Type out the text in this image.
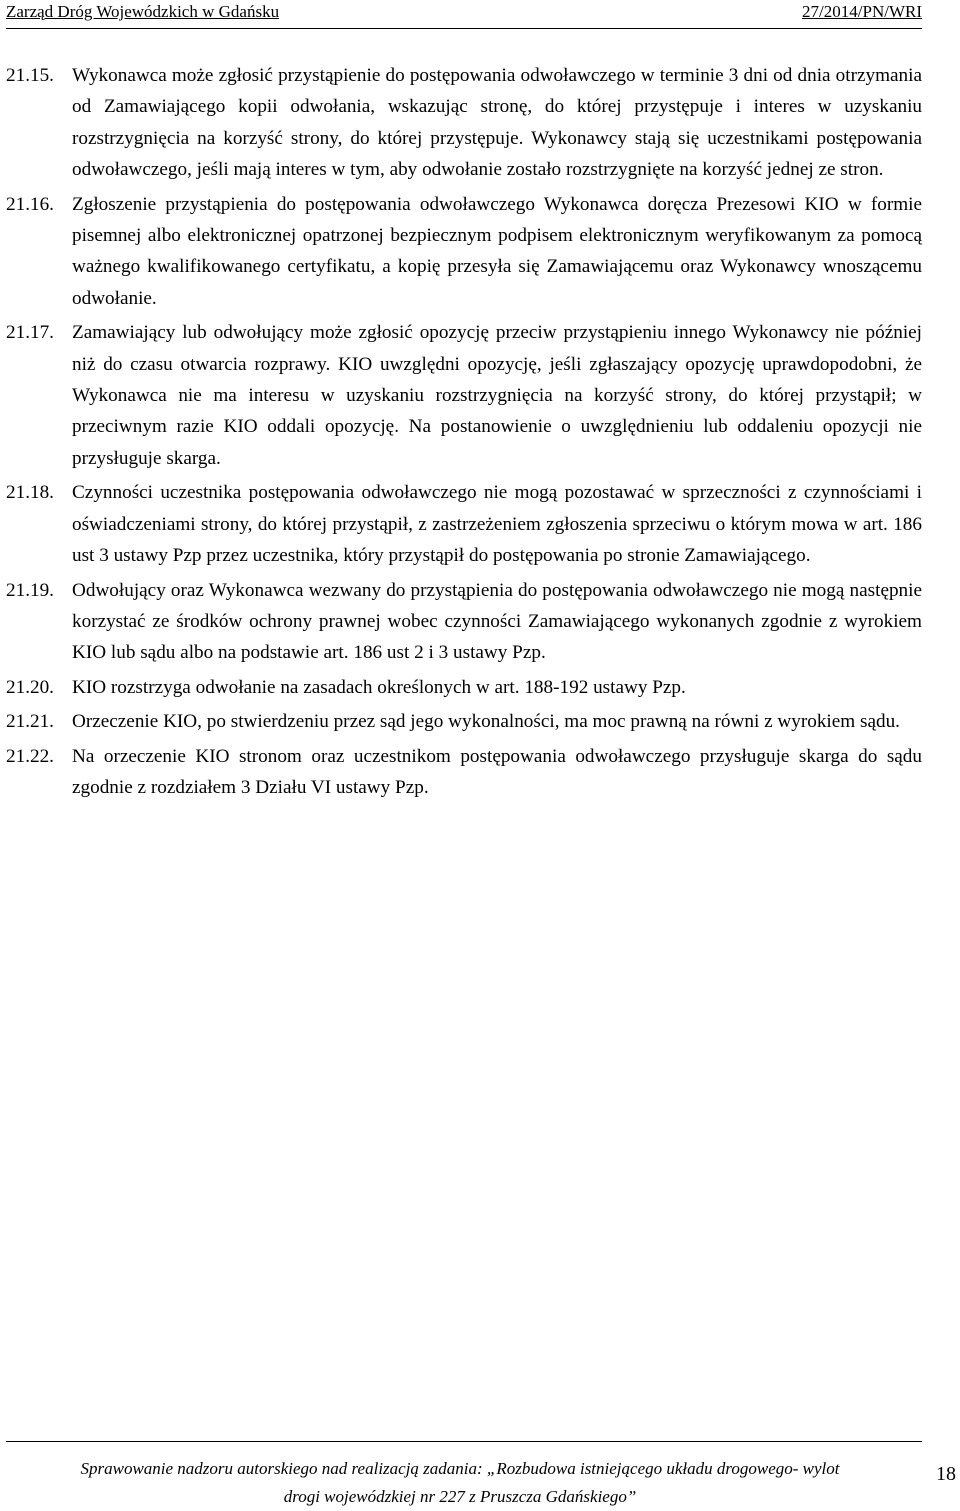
Zarząd Dróg Wojewódzkich w Gdańsku	27/2014/PN/WRI
21.15. Wykonawca może zgłosić przystąpienie do postępowania odwoławczego w terminie 3 dni od dnia otrzymania od Zamawiającego kopii odwołania, wskazując stronę, do której przystępuje i interes w uzyskaniu rozstrzygnięcia na korzyść strony, do której przystępuje. Wykonawcy stają się uczestnikami postępowania odwoławczego, jeśli mają interes w tym, aby odwołanie zostało rozstrzygnięte na korzyść jednej ze stron.
21.16. Zgłoszenie przystąpienia do postępowania odwoławczego Wykonawca doręcza Prezesowi KIO w formie pisemnej albo elektronicznej opatrzonej bezpiecznym podpisem elektronicznym weryfikowanym za pomocą ważnego kwalifikowanego certyfikatu, a kopię przesyła się Zamawiającemu oraz Wykonawcy wnoszącemu odwołanie.
21.17. Zamawiający lub odwołujący może zgłosić opozycję przeciw przystąpieniu innego Wykonawcy nie później niż do czasu otwarcia rozprawy. KIO uwzględni opozycję, jeśli zgłaszający opozycję uprawdopodobni, że Wykonawca nie ma interesu w uzyskaniu rozstrzygnięcia na korzyść strony, do której przystąpił; w przeciwnym razie KIO oddali opozycję. Na postanowienie o uwzględnieniu lub oddaleniu opozycji nie przysługuje skarga.
21.18. Czynności uczestnika postępowania odwoławczego nie mogą pozostawać w sprzeczności z czynnościami i oświadczeniami strony, do której przystąpił, z zastrzeżeniem zgłoszenia sprzeciwu o którym mowa w art. 186 ust 3 ustawy Pzp przez uczestnika, który przystąpił do postępowania po stronie Zamawiającego.
21.19. Odwołujący oraz Wykonawca wezwany do przystąpienia do postępowania odwoławczego nie mogą następnie korzystać ze środków ochrony prawnej wobec czynności Zamawiającego wykonanych zgodnie z wyrokiem KIO lub sądu albo na podstawie art. 186 ust 2 i 3 ustawy Pzp.
21.20. KIO rozstrzyga odwołanie na zasadach określonych w art. 188-192 ustawy Pzp.
21.21. Orzeczenie KIO, po stwierdzeniu przez sąd jego wykonalności, ma moc prawną na równi z wyrokiem sądu.
21.22. Na orzeczenie KIO stronom oraz uczestnikom postępowania odwoławczego przysługuje skarga do sądu zgodnie z rozdziałem 3 Działu VI ustawy Pzp.
Sprawowanie nadzoru autorskiego nad realizacją zadania: „Rozbudowa istniejącego układu drogowego- wylot
drogi wojewódzkiej nr 227 z Pruszcza Gdańskiego”
18
